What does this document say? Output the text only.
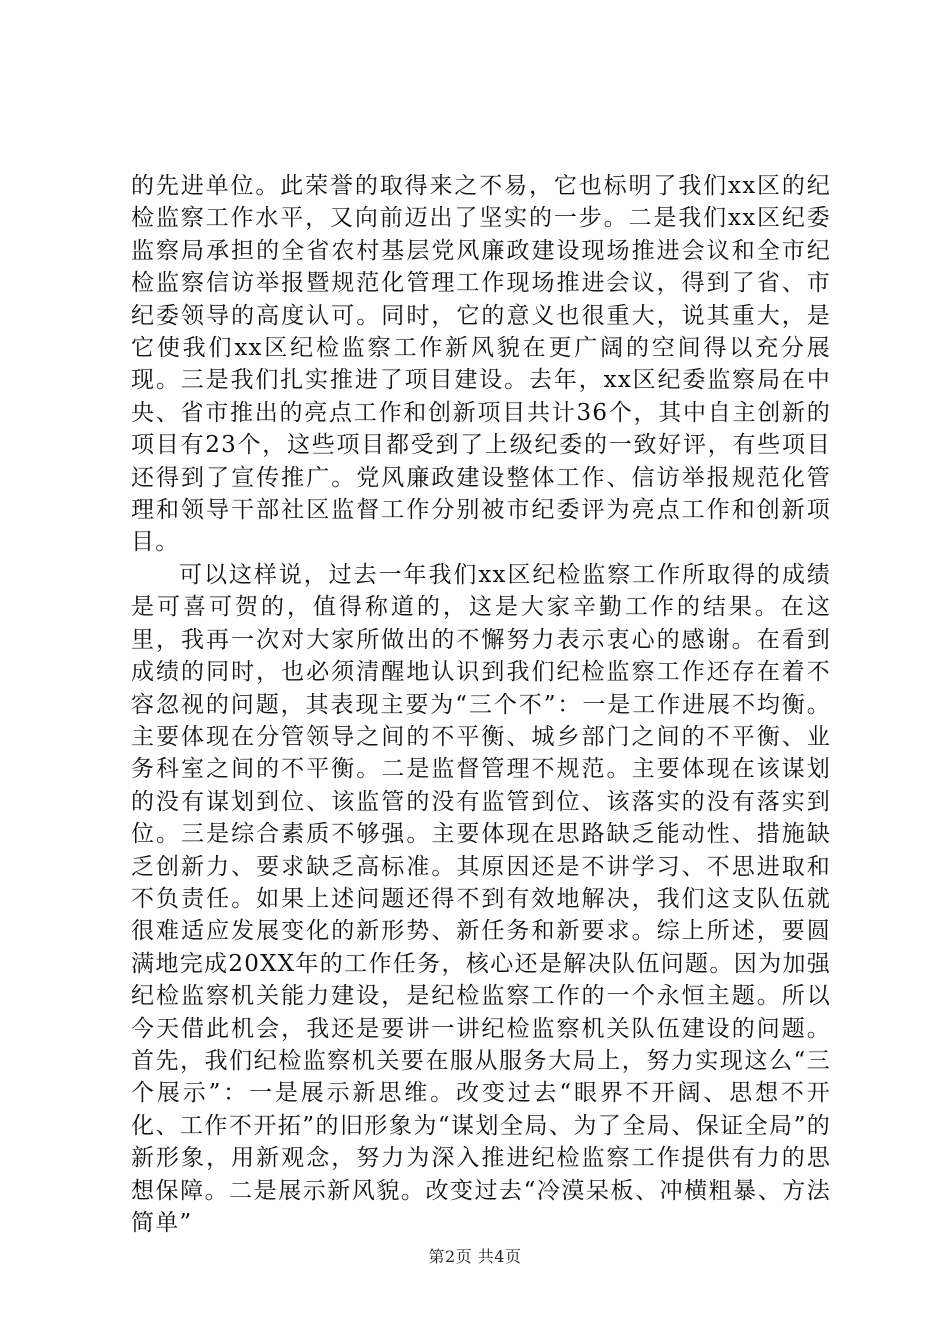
的先进单位。此荣誉的取得来之不易，它也标明了我们xx区的纪检监察工作水平，又向前迈出了坚实的一步。二是我们xx区纪委监察局承担的全省农村基层党风廉政建设现场推进会议和全市纪检监察信访举报暨规范化管理工作现场推进会议，得到了省、市纪委领导的高度认可。同时，它的意义也很重大，说其重大，是它使我们xx区纪检监察工作新风貌在更广阔的空间得以充分展现。三是我们扎实推进了项目建设。去年，xx区纪委监察局在中央、省市推出的亮点工作和创新项目共计36个，其中自主创新的项目有23个，这些项目都受到了上级纪委的一致好评，有些项目还得到了宣传推广。党风廉政建设整体工作、信访举报规范化管理和领导干部社区监督工作分别被市纪委评为亮点工作和创新项目。

可以这样说，过去一年我们xx区纪检监察工作所取得的成绩是可喜可贺的，值得称道的，这是大家辛勤工作的结果。在这里，我再一次对大家所做出的不懈努力表示衷心的感谢。在看到成绩的同时，也必须清醒地认识到我们纪检监察工作还存在着不容忽视的问题，其表现主要为“三个不”：一是工作进展不均衡。主要体现在分管领导之间的不平衡、城乡部门之间的不平衡、业务科室之间的不平衡。二是监督管理不规范。主要体现在该谋划的没有谋划到位、该监管的没有监管到位、该落实的没有落实到位。三是综合素质不够强。主要体现在思路缺乏能动性、措施缺乏创新力、要求缺乏高标准。其原因还是不讲学习、不思进取和不负责任。如果上述问题还得不到有效地解决，我们这支队伍就很难适应发展变化的新形势、新任务和新要求。综上所述，要圆满地完成20XX年的工作任务，核心还是解决队伍问题。因为加强纪检监察机关能力建设，是纪检监察工作的一个永恒主题。所以今天借此机会，我还是要讲一讲纪检监察机关队伍建设的问题。首先，我们纪检监察机关要在服从服务大局上，努力实现这么“三个展示”：一是展示新思维。改变过去“眼界不开阔、思想不开化、工作不开拓”的旧形象为“谋划全局、为了全局、保证全局”的新形象，用新观念，努力为深入推进纪检监察工作提供有力的思想保障。二是展示新风貌。改变过去“冷漠呆板、冲横粗暴、方法简单”

第2页 共4页
